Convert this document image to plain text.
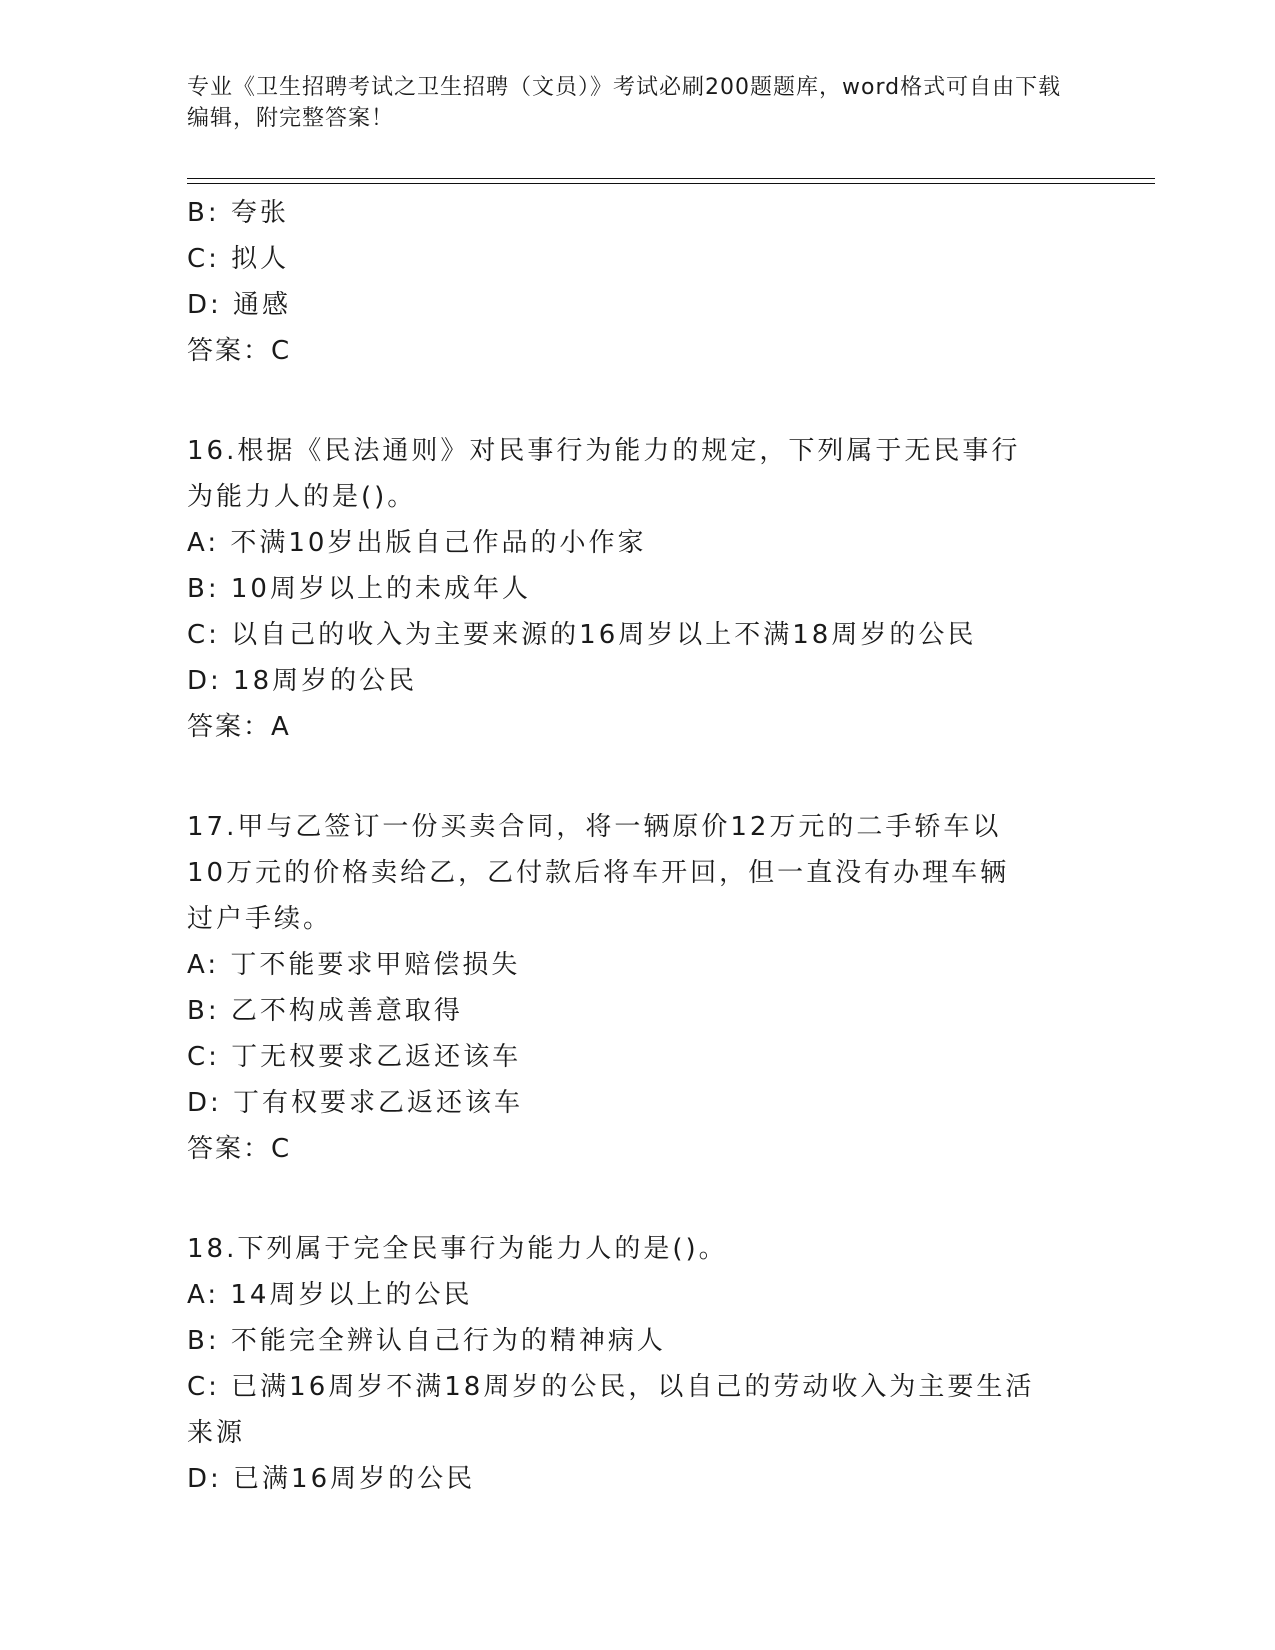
专业《卫生招聘考试之卫生招聘（文员）》考试必刷200题题库，word格式可自由下载编辑，附完整答案！
B: 夸张
C: 拟人
D: 通感
答案：C
16.根据《民法通则》对民事行为能力的规定，下列属于无民事行为能力人的是()。
A: 不满10岁出版自己作品的小作家
B: 10周岁以上的未成年人
C: 以自己的收入为主要来源的16周岁以上不满18周岁的公民
D: 18周岁的公民
答案：A
17.甲与乙签订一份买卖合同，将一辆原价12万元的二手轿车以10万元的价格卖给乙，乙付款后将车开回，但一直没有办理车辆过户手续。
A: 丁不能要求甲赔偿损失
B: 乙不构成善意取得
C: 丁无权要求乙返还该车
D: 丁有权要求乙返还该车
答案：C
18.下列属于完全民事行为能力人的是()。
A: 14周岁以上的公民
B: 不能完全辨认自己行为的精神病人
C: 已满16周岁不满18周岁的公民，以自己的劳动收入为主要生活来源
D: 已满16周岁的公民
